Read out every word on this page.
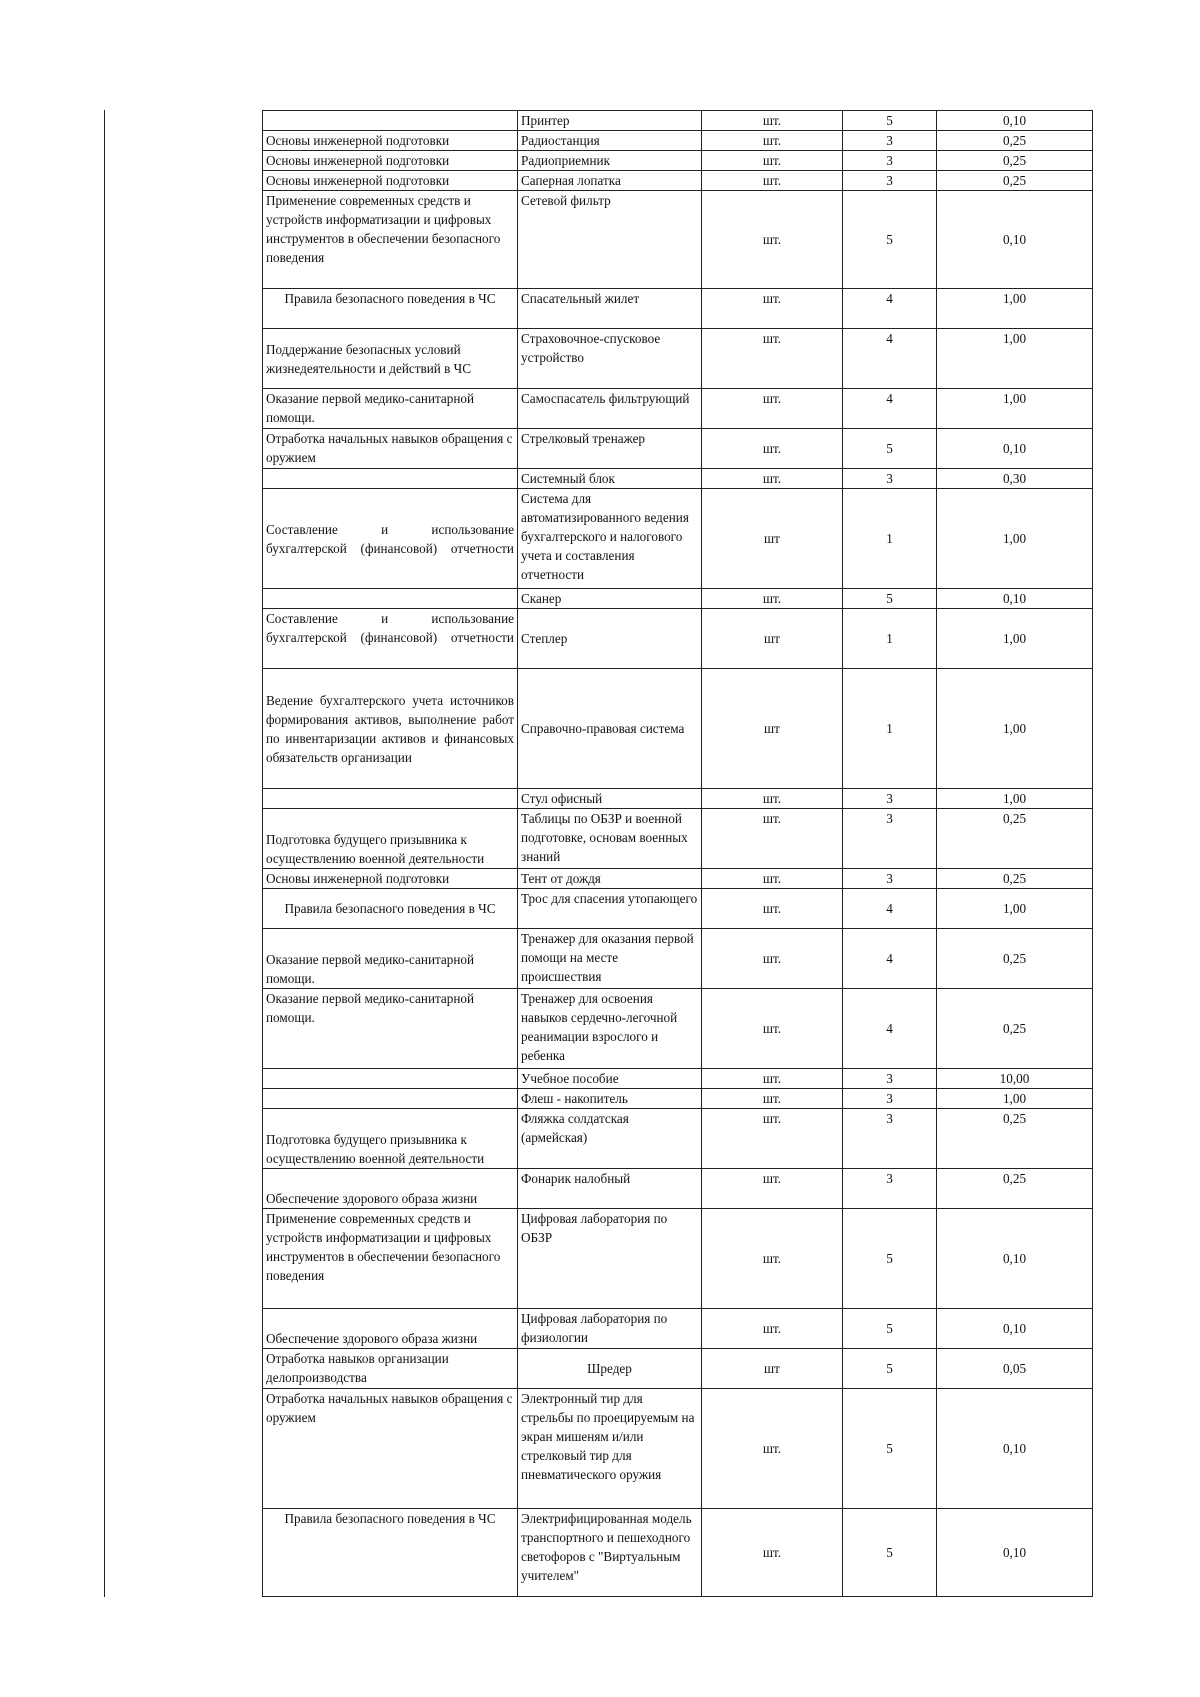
	Принтер	шт.	5	0,10
Основы инженерной подготовки	Радиостанция	шт.	3	0,25
Основы инженерной подготовки	Радиоприемник	шт.	3	0,25
Основы инженерной подготовки	Саперная лопатка	шт.	3	0,25
Применение современных средств и устройств информатизации и цифровых инструментов в обеспечении безопасного поведения	Сетевой фильтр	шт.	5	0,10
Правила безопасного поведения в ЧС	Спасательный жилет	шт.	4	1,00
Поддержание безопасных условий жизнедеятельности и действий в ЧС	Страховочное-спусковое устройство	шт.	4	1,00
Оказание первой медико-санитарной помощи.	Самоспасатель фильтрующий	шт.	4	1,00
Отработка начальных навыков обращения с оружием	Стрелковый тренажер	шт.	5	0,10
	Системный блок	шт.	3	0,30
Составление и использование бухгалтерской (финансовой) отчетности	Система для автоматизированного ведения бухгалтерского и налогового учета и составления отчетности	шт	1	1,00
	Сканер	шт.	5	0,10
Составление и использование бухгалтерской (финансовой) отчетности	Степлер	шт	1	1,00
Ведение бухгалтерского учета источников формирования активов, выполнение работ по инвентаризации активов и финансовых обязательств организации	Справочно-правовая система	шт	1	1,00
	Стул офисный	шт.	3	1,00
Подготовка будущего призывника к осуществлению военной деятельности	Таблицы по ОБЗР и военной подготовке, основам военных знаний	шт.	3	0,25
Основы инженерной подготовки	Тент от дождя	шт.	3	0,25
Правила безопасного поведения в ЧС	Трос для спасения утопающего	шт.	4	1,00
Оказание первой медико-санитарной помощи.	Тренажер для оказания первой помощи на месте происшествия	шт.	4	0,25
Оказание первой медико-санитарной помощи.	Тренажер для освоения навыков сердечно-легочной реанимации взрослого и ребенка	шт.	4	0,25
	Учебное пособие	шт.	3	10,00
	Флеш - накопитель	шт.	3	1,00
Подготовка будущего призывника к осуществлению военной деятельности	Фляжка солдатская (армейская)	шт.	3	0,25
Обеспечение здорового образа жизни	Фонарик налобный	шт.	3	0,25
Применение современных средств и устройств информатизации и цифровых инструментов в обеспечении безопасного поведения	Цифровая лаборатория по ОБЗР	шт.	5	0,10
Обеспечение здорового образа жизни	Цифровая лаборатория по физиологии	шт.	5	0,10
Отработка навыков организации делопроизводства	Шредер	шт	5	0,05
Отработка начальных навыков обращения с оружием	Электронный тир для стрельбы по проецируемым на экран мишеням и/или стрелковый тир для пневматического оружия	шт.	5	0,10
Правила безопасного поведения в ЧС	Электрифицированная модель транспортного и пешеходного светофоров с "Виртуальным учителем"	шт.	5	0,10
